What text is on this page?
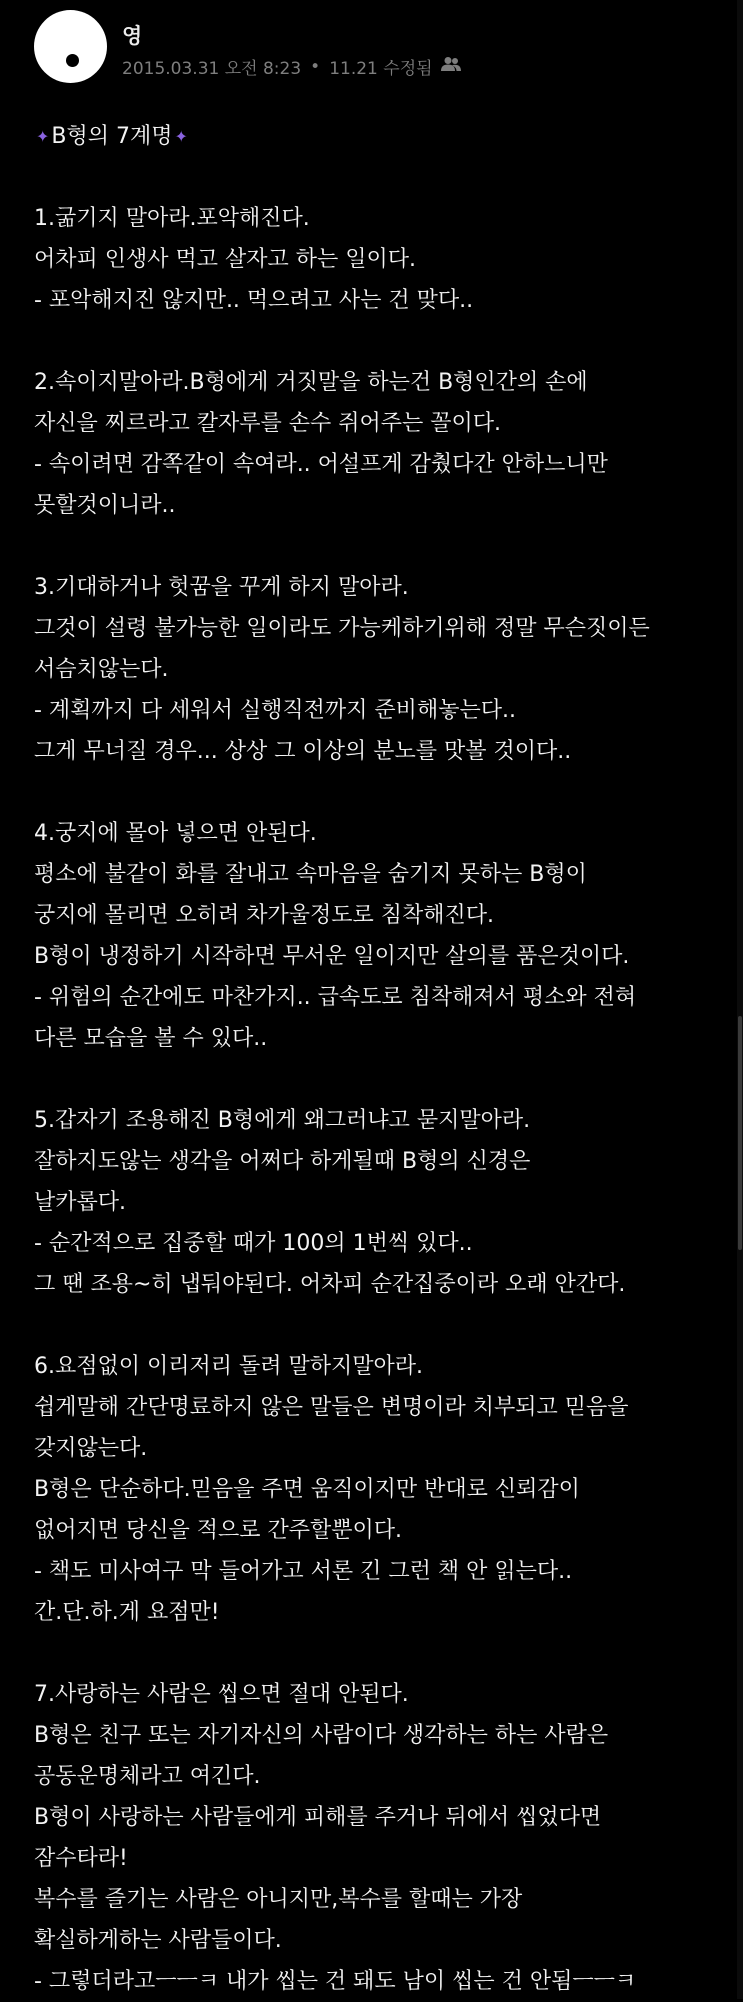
영
2015.03.31 오전 8:23 • 11.21 수정됨
✦ B형의 7계명 ✦
1.굶기지 말아라.포악해진다.
어차피 인생사 먹고 살자고 하는 일이다.
- 포악해지진 않지만.. 먹으려고 사는 건 맞다..
2.속이지말아라.B형에게 거짓말을 하는건 B형인간의 손에
자신을 찌르라고 칼자루를 손수 쥐어주는 꼴이다.
- 속이려면 감쪽같이 속여라.. 어설프게 감췄다간 안하느니만
못할것이니라..
3.기대하거나 헛꿈을 꾸게 하지 말아라.
그것이 설령 불가능한 일이라도 가능케하기위해 정말 무슨짓이든
서슴치않는다.
- 계획까지 다 세워서 실행직전까지 준비해놓는다..
그게 무너질 경우... 상상 그 이상의 분노를 맛볼 것이다..
4.궁지에 몰아 넣으면 안된다.
평소에 불같이 화를 잘내고 속마음을 숨기지 못하는 B형이
궁지에 몰리면 오히려 차가울정도로 침착해진다.
B형이 냉정하기 시작하면 무서운 일이지만 살의를 품은것이다.
- 위험의 순간에도 마찬가지.. 급속도로 침착해져서 평소와 전혀
다른 모습을 볼 수 있다..
5.갑자기 조용해진 B형에게 왜그러냐고 묻지말아라.
잘하지도않는 생각을 어쩌다 하게될때 B형의 신경은
날카롭다.
- 순간적으로 집중할 때가 100의 1번씩 있다..
그 땐 조용~히 냅둬야된다. 어차피 순간집중이라 오래 안간다.
6.요점없이 이리저리 돌려 말하지말아라.
쉽게말해 간단명료하지 않은 말들은 변명이라 치부되고 믿음을
갖지않는다.
B형은 단순하다.믿음을 주면 움직이지만 반대로 신뢰감이
없어지면 당신을 적으로 간주할뿐이다.
- 책도 미사여구 막 들어가고 서론 긴 그런 책 안 읽는다..
간.단.하.게 요점만!
7.사랑하는 사람은 씹으면 절대 안된다.
B형은 친구 또는 자기자신의 사람이다 생각하는 하는 사람은
공동운명체라고 여긴다.
B형이 사랑하는 사람들에게 피해를 주거나 뒤에서 씹었다면
잠수타라!
복수를 즐기는 사람은 아니지만,복수를 할때는 가장
확실하게하는 사람들이다.
- 그렇더라고ㅡㅡㅋ 내가 씹는 건 돼도 남이 씹는 건 안됨ㅡㅡㅋ
